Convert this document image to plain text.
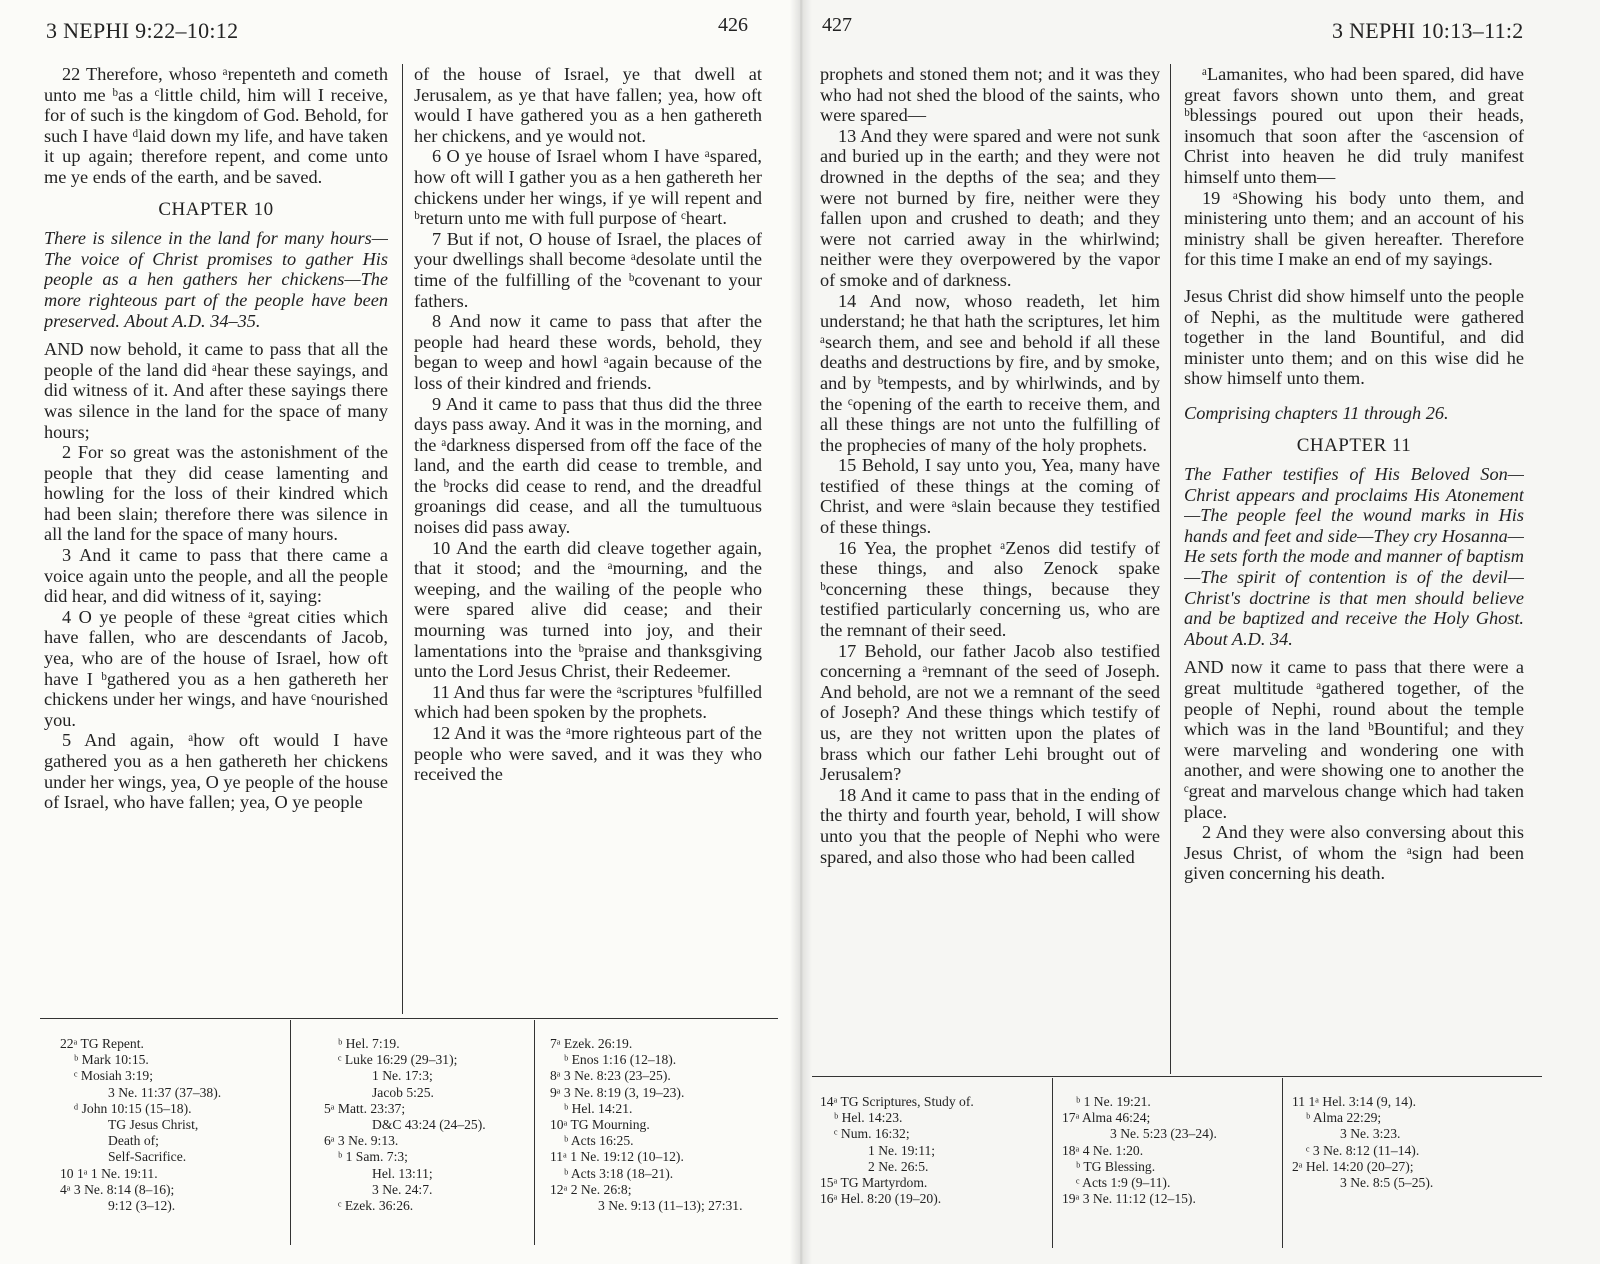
3 NEPHI 9:22–10:12	426

22 Therefore, whoso ᵃrepenteth and cometh unto me ᵇas a ᶜlittle child, him will I receive, for of such is the kingdom of God. Behold, for such I have ᵈlaid down my life, and have taken it up again; therefore repent, and come unto me ye ends of the earth, and be saved.

CHAPTER 10

There is silence in the land for many hours—The voice of Christ promises to gather His people as a hen gathers her chickens—The more righteous part of the people have been preserved. About A.D. 34–35.

AND now behold, it came to pass that all the people of the land did ᵃhear these sayings, and did witness of it. And after these sayings there was silence in the land for the space of many hours;

2 For so great was the astonishment of the people that they did cease lamenting and howling for the loss of their kindred which had been slain; therefore there was silence in all the land for the space of many hours.

3 And it came to pass that there came a voice again unto the people, and all the people did hear, and did witness of it, saying:

4 O ye people of these ᵃgreat cities which have fallen, who are descendants of Jacob, yea, who are of the house of Israel, how oft have I ᵇgathered you as a hen gathereth her chickens under her wings, and have ᶜnourished you.

5 And again, ᵃhow oft would I have gathered you as a hen gathereth her chickens under her wings, yea, O ye people of the house of Israel, who have fallen; yea, O ye people

of the house of Israel, ye that dwell at Jerusalem, as ye that have fallen; yea, how oft would I have gathered you as a hen gathereth her chickens, and ye would not.

6 O ye house of Israel whom I have ᵃspared, how oft will I gather you as a hen gathereth her chickens under her wings, if ye will repent and ᵇreturn unto me with full purpose of ᶜheart.

7 But if not, O house of Israel, the places of your dwellings shall become ᵃdesolate until the time of the fulfilling of the ᵇcovenant to your fathers.

8 And now it came to pass that after the people had heard these words, behold, they began to weep and howl ᵃagain because of the loss of their kindred and friends.

9 And it came to pass that thus did the three days pass away. And it was in the morning, and the ᵃdarkness dispersed from off the face of the land, and the earth did cease to tremble, and the ᵇrocks did cease to rend, and the dreadful groanings did cease, and all the tumultuous noises did pass away.

10 And the earth did cleave together again, that it stood; and the ᵃmourning, and the weeping, and the wailing of the people who were spared alive did cease; and their mourning was turned into joy, and their lamentations into the ᵇpraise and thanksgiving unto the Lord Jesus Christ, their Redeemer.

11 And thus far were the ᵃscriptures ᵇfulfilled which had been spoken by the prophets.

12 And it was the ᵃmore righteous part of the people who were saved, and it was they who received the

22ᵃ TG Repent.
ᵇ Mark 10:15.
ᶜ Mosiah 3:19;
3 Ne. 11:37 (37–38).
ᵈ John 10:15 (15–18).
TG Jesus Christ,
Death of;
Self-Sacrifice.
10 1ᵃ 1 Ne. 19:11.
4ᵃ 3 Ne. 8:14 (8–16);
9:12 (3–12).
ᵇ Hel. 7:19.
ᶜ Luke 16:29 (29–31);
1 Ne. 17:3;
Jacob 5:25.
5ᵃ Matt. 23:37;
D&C 43:24 (24–25).
6ᵃ 3 Ne. 9:13.
ᵇ 1 Sam. 7:3;
Hel. 13:11;
3 Ne. 24:7.
ᶜ Ezek. 36:26.
7ᵃ Ezek. 26:19.
ᵇ Enos 1:16 (12–18).
8ᵃ 3 Ne. 8:23 (23–25).
9ᵃ 3 Ne. 8:19 (3, 19–23).
ᵇ Hel. 14:21.
10ᵃ TG Mourning.
ᵇ Acts 16:25.
11ᵃ 1 Ne. 19:12 (10–12).
ᵇ Acts 3:18 (18–21).
12ᵃ 2 Ne. 26:8;
3 Ne. 9:13 (11–13); 27:31.
427	3 NEPHI 10:13–11:2

prophets and stoned them not; and it was they who had not shed the blood of the saints, who were spared—

13 And they were spared and were not sunk and buried up in the earth; and they were not drowned in the depths of the sea; and they were not burned by fire, neither were they fallen upon and crushed to death; and they were not carried away in the whirlwind; neither were they overpowered by the vapor of smoke and of darkness.

14 And now, whoso readeth, let him understand; he that hath the scriptures, let him ᵃsearch them, and see and behold if all these deaths and destructions by fire, and by smoke, and by ᵇtempests, and by whirlwinds, and by the ᶜopening of the earth to receive them, and all these things are not unto the fulfilling of the prophecies of many of the holy prophets.

15 Behold, I say unto you, Yea, many have testified of these things at the coming of Christ, and were ᵃslain because they testified of these things.

16 Yea, the prophet ᵃZenos did testify of these things, and also Zenock spake ᵇconcerning these things, because they testified particularly concerning us, who are the remnant of their seed.

17 Behold, our father Jacob also testified concerning a ᵃremnant of the seed of Joseph. And behold, are not we a remnant of the seed of Joseph? And these things which testify of us, are they not written upon the plates of brass which our father Lehi brought out of Jerusalem?

18 And it came to pass that in the ending of the thirty and fourth year, behold, I will show unto you that the people of Nephi who were spared, and also those who had been called

ᵃLamanites, who had been spared, did have great favors shown unto them, and great ᵇblessings poured out upon their heads, insomuch that soon after the ᶜascension of Christ into heaven he did truly manifest himself unto them—

19 ᵃShowing his body unto them, and ministering unto them; and an account of his ministry shall be given hereafter. Therefore for this time I make an end of my sayings.

Jesus Christ did show himself unto the people of Nephi, as the multitude were gathered together in the land Bountiful, and did minister unto them; and on this wise did he show himself unto them.

Comprising chapters 11 through 26.

CHAPTER 11

The Father testifies of His Beloved Son—Christ appears and proclaims His Atonement—The people feel the wound marks in His hands and feet and side—They cry Hosanna—He sets forth the mode and manner of baptism —The spirit of contention is of the devil—Christ's doctrine is that men should believe and be baptized and receive the Holy Ghost. About A.D. 34.

AND now it came to pass that there were a great multitude ᵃgathered together, of the people of Nephi, round about the temple which was in the land ᵇBountiful; and they were marveling and wondering one with another, and were showing one to another the ᶜgreat and marvelous change which had taken place.

2 And they were also conversing about this Jesus Christ, of whom the ᵃsign had been given concerning his death.

14ᵃ TG Scriptures, Study of.
ᵇ Hel. 14:23.
ᶜ Num. 16:32;
1 Ne. 19:11;
2 Ne. 26:5.
15ᵃ TG Martyrdom.
16ᵃ Hel. 8:20 (19–20).
ᵇ 1 Ne. 19:21.
17ᵃ Alma 46:24;
3 Ne. 5:23 (23–24).
18ᵃ 4 Ne. 1:20.
ᵇ TG Blessing.
ᶜ Acts 1:9 (9–11).
19ᵃ 3 Ne. 11:12 (12–15).
11 1ᵃ Hel. 3:14 (9, 14).
ᵇ Alma 22:29;
3 Ne. 3:23.
ᶜ 3 Ne. 8:12 (11–14).
2ᵃ Hel. 14:20 (20–27);
3 Ne. 8:5 (5–25).
